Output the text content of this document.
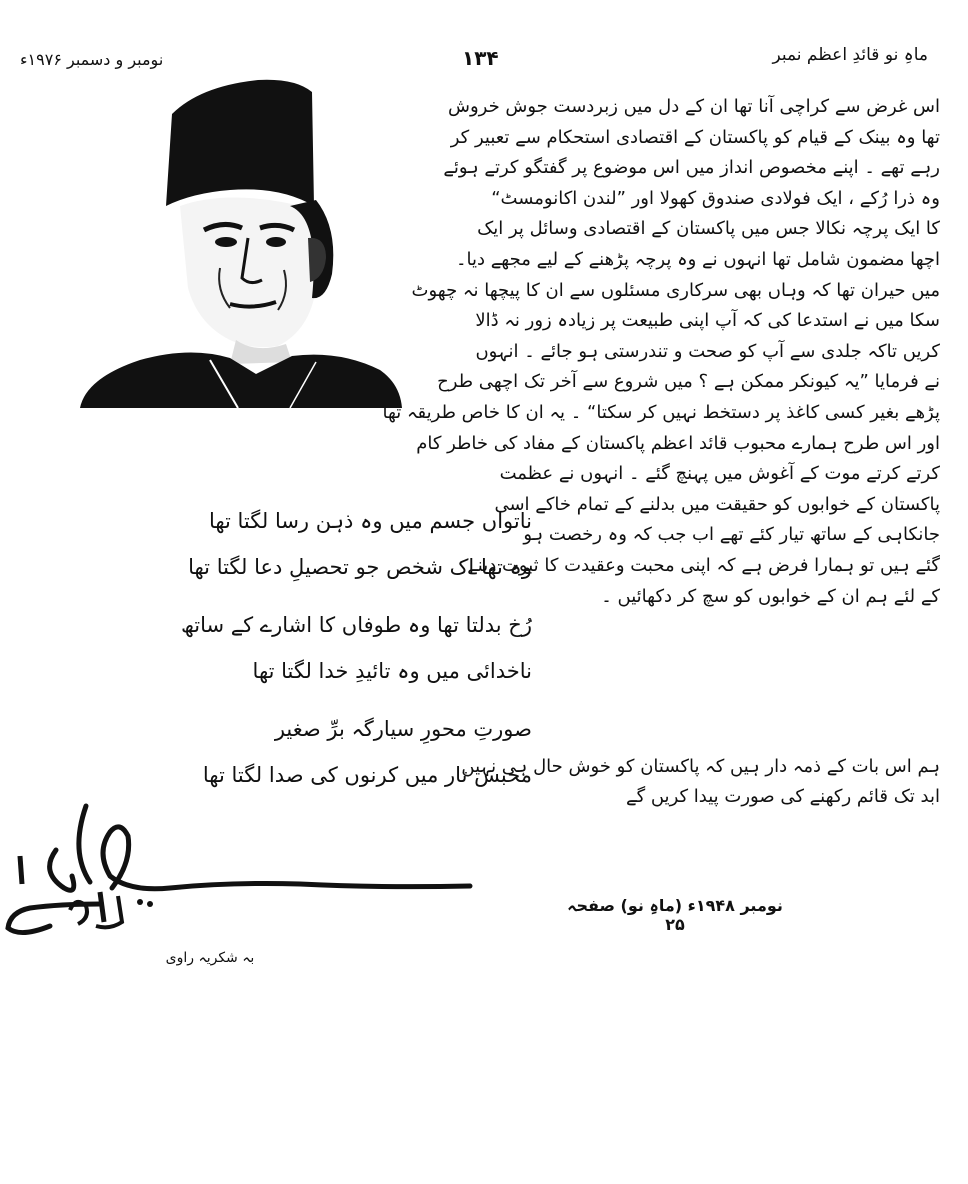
نومبر و دسمبر ۱۹۷۶ء	۱۳۴	ماہِ نو قائدِ اعظم نمبر
اس غرض سے کراچی آنا تھا ان کے دل میں زبردست جوش خروش
تھا وہ بینک کے قیام کو پاکستان کے اقتصادی استحکام سے تعبیر کر
رہے تھے ۔ اپنے مخصوص انداز میں اس موضوع پر گفتگو کرتے ہوئے
وہ ذرا رُکے ، ایک فولادی صندوق کھولا اور ”لندن اکانومسٹ“
کا ایک پرچہ نکالا جس میں پاکستان کے اقتصادی وسائل پر ایک
اچھا مضمون شامل تھا انہوں نے وہ پرچہ پڑھنے کے لیے مجھے دیا۔
میں حیران تھا کہ وہاں بھی سرکاری مسئلوں سے ان کا پیچھا نہ چھوٹ
سکا میں نے استدعا کی کہ آپ اپنی طبیعت پر زیادہ زور نہ ڈالا
کریں تاکہ جلدی سے آپ کو صحت و تندرستی ہو جائے ۔ انہوں
نے فرمایا ”یہ کیونکر ممکن ہے ؟ میں شروع سے آخر تک اچھی طرح
پڑھے بغیر کسی کاغذ پر دستخط نہیں کر سکتا“ ۔ یہ ان کا خاص طریقہ تھا
اور اس طرح ہمارے محبوب قائد اعظم پاکستان کے مفاد کی خاطر کام
کرتے کرتے موت کے آغوش میں پہنچ گئے ۔ انہوں نے عظمت
پاکستان کے خوابوں کو حقیقت میں بدلنے کے تمام خاکے اسی
جانکاہی کے ساتھ تیار کئے تھے اب جب کہ وہ رخصت ہو
گئے ہیں تو ہمارا فرض ہے کہ اپنی محبت وعقیدت کا ثبوت دینے
کے لئے ہم ان کے خوابوں کو سچ کر دکھائیں ۔
ہم اس بات کے ذمہ دار ہیں کہ پاکستان کو خوش حال ہی نہیں
ابد تک قائم رکھنے کی صورت پیدا کریں گے
نومبر ۱۹۴۸ء (ماہِ نو) صفحہ ۲۵
ناتواں جسم میں وہ ذہن رسا لگتا تھا
وہ تھا اک شخص جو تحصیلِ دعا لگتا تھا
رُخ بدلتا تھا وہ طوفاں کا اشارے کے ساتھ
ناخدائی میں وہ تائیدِ خدا لگتا تھا
صورتِ محورِ سیارگہ برِّ صغیر
محبس تار میں کرنوں کی صدا لگتا تھا
بہ شکریہ راوی
